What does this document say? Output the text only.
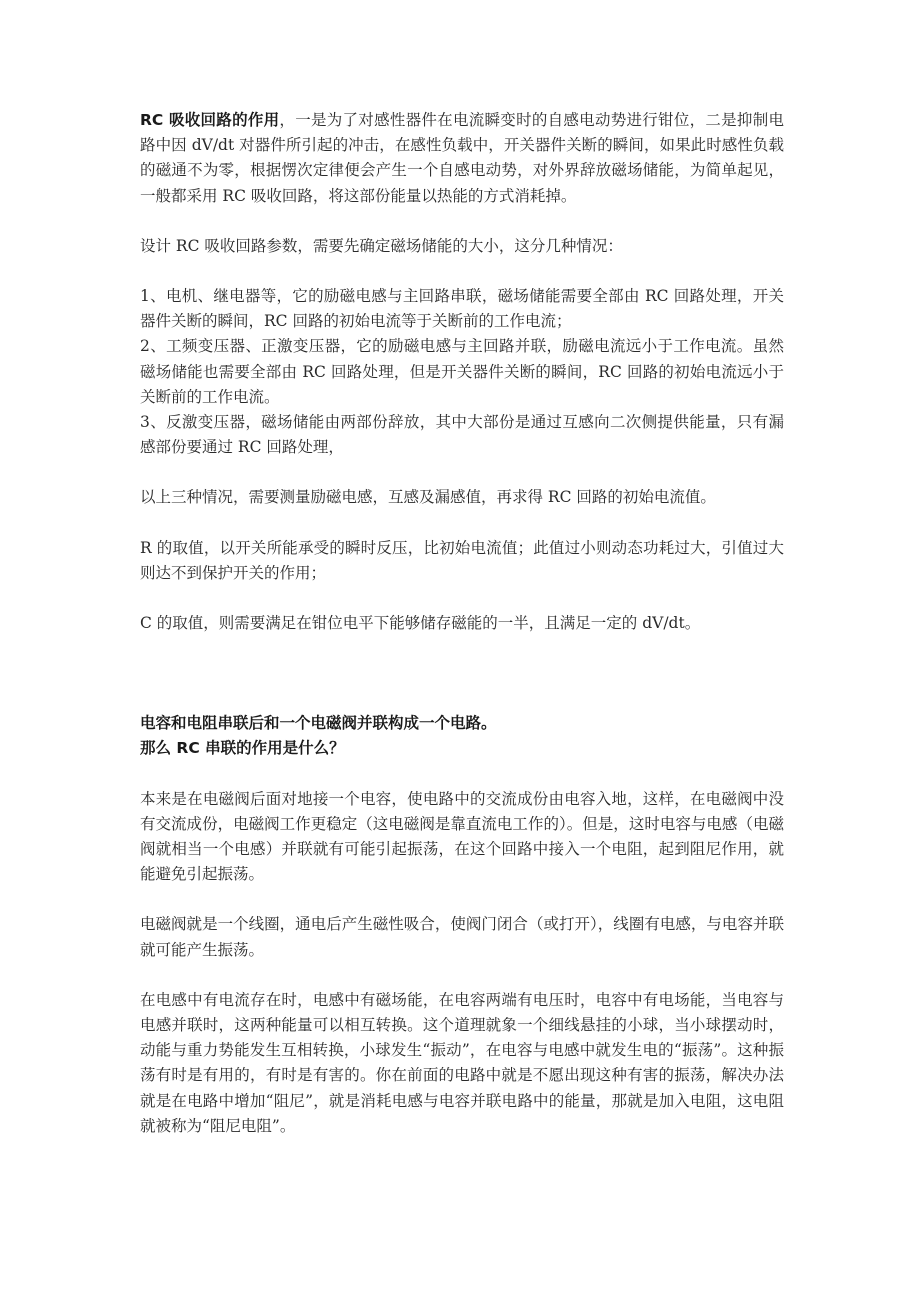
RC 吸收回路的作用，一是为了对感性器件在电流瞬变时的自感电动势进行钳位，二是抑制电路中因 dV/dt 对器件所引起的冲击，在感性负载中，开关器件关断的瞬间，如果此时感性负载的磁通不为零，根据愣次定律便会产生一个自感电动势，对外界辞放磁场储能，为简单起见，一般都采用 RC 吸收回路，将这部份能量以热能的方式消耗掉。

设计 RC 吸收回路参数，需要先确定磁场储能的大小，这分几种情况：

1、电机、继电器等，它的励磁电感与主回路串联，磁场储能需要全部由 RC 回路处理，开关器件关断的瞬间，RC 回路的初始电流等于关断前的工作电流；

2、工频变压器、正激变压器，它的励磁电感与主回路并联，励磁电流远小于工作电流。虽然磁场储能也需要全部由 RC 回路处理，但是开关器件关断的瞬间，RC 回路的初始电流远小于关断前的工作电流。

3、反激变压器，磁场储能由两部份辞放，其中大部份是通过互感向二次侧提供能量，只有漏感部份要通过 RC 回路处理，

以上三种情况，需要测量励磁电感，互感及漏感值，再求得 RC 回路的初始电流值。

R 的取值，以开关所能承受的瞬时反压，比初始电流值；此值过小则动态功耗过大，引值过大则达不到保护开关的作用；

C 的取值，则需要满足在钳位电平下能够储存磁能的一半，且满足一定的 dV/dt。

电容和电阻串联后和一个电磁阀并联构成一个电路。

那么 RC 串联的作用是什么？

本来是在电磁阀后面对地接一个电容，使电路中的交流成份由电容入地，这样，在电磁阀中没有交流成份，电磁阀工作更稳定（这电磁阀是靠直流电工作的）。但是，这时电容与电感（电磁阀就相当一个电感）并联就有可能引起振荡，在这个回路中接入一个电阻，起到阻尼作用，就能避免引起振荡。

电磁阀就是一个线圈，通电后产生磁性吸合，使阀门闭合（或打开），线圈有电感，与电容并联就可能产生振荡。

在电感中有电流存在时，电感中有磁场能，在电容两端有电压时，电容中有电场能，当电容与电感并联时，这两种能量可以相互转换。这个道理就象一个细线悬挂的小球，当小球摆动时，动能与重力势能发生互相转换，小球发生“振动”，在电容与电感中就发生电的“振荡”。这种振荡有时是有用的，有时是有害的。你在前面的电路中就是不愿出现这种有害的振荡，解决办法就是在电路中增加“阻尼”，就是消耗电感与电容并联电路中的能量，那就是加入电阻，这电阻就被称为“阻尼电阻”。
